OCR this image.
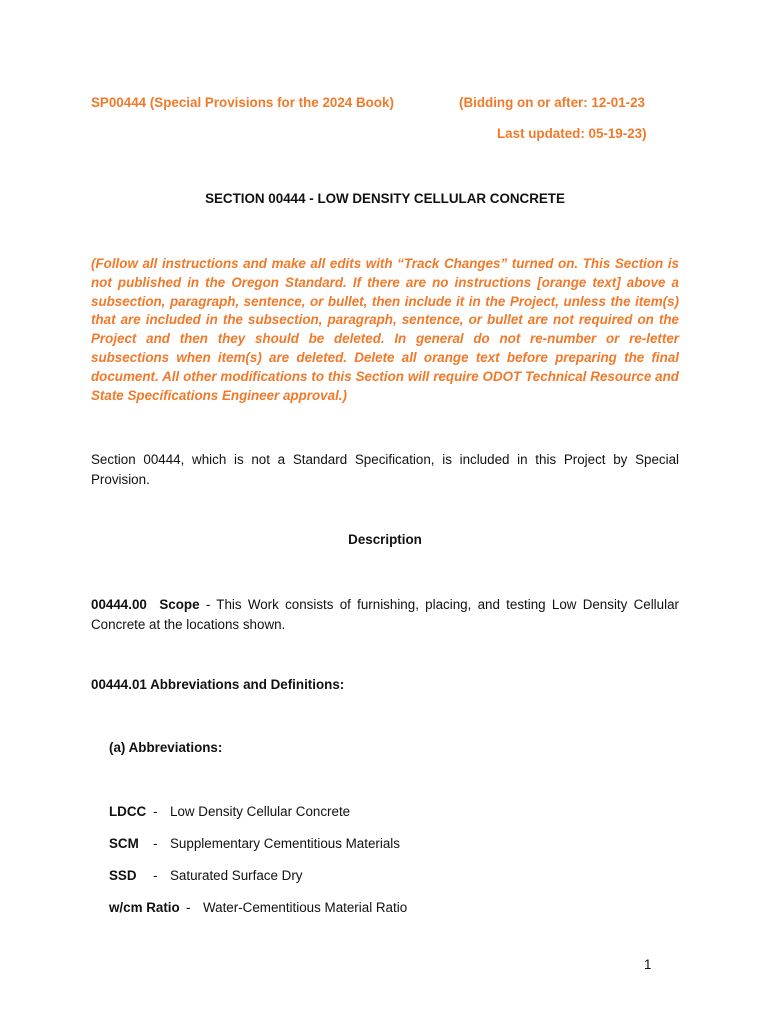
SP00444 (Special Provisions for the 2024 Book)	(Bidding on or after: 12-01-23
Last updated: 05-19-23)
SECTION 00444 - LOW DENSITY CELLULAR CONCRETE
(Follow all instructions and make all edits with “Track Changes” turned on. This Section is not published in the Oregon Standard. If there are no instructions [orange text] above a subsection, paragraph, sentence, or bullet, then include it in the Project, unless the item(s) that are included in the subsection, paragraph, sentence, or bullet are not required on the Project and then they should be deleted. In general do not re-number or re-letter subsections when item(s) are deleted. Delete all orange text before preparing the final document. All other modifications to this Section will require ODOT Technical Resource and State Specifications Engineer approval.)
Section 00444, which is not a Standard Specification, is included in this Project by Special Provision.
Description
00444.00 Scope - This Work consists of furnishing, placing, and testing Low Density Cellular Concrete at the locations shown.
00444.01 Abbreviations and Definitions:
(a) Abbreviations:
LDCC - Low Density Cellular Concrete
SCM - Supplementary Cementitious Materials
SSD - Saturated Surface Dry
w/cm Ratio - Water-Cementitious Material Ratio
1
